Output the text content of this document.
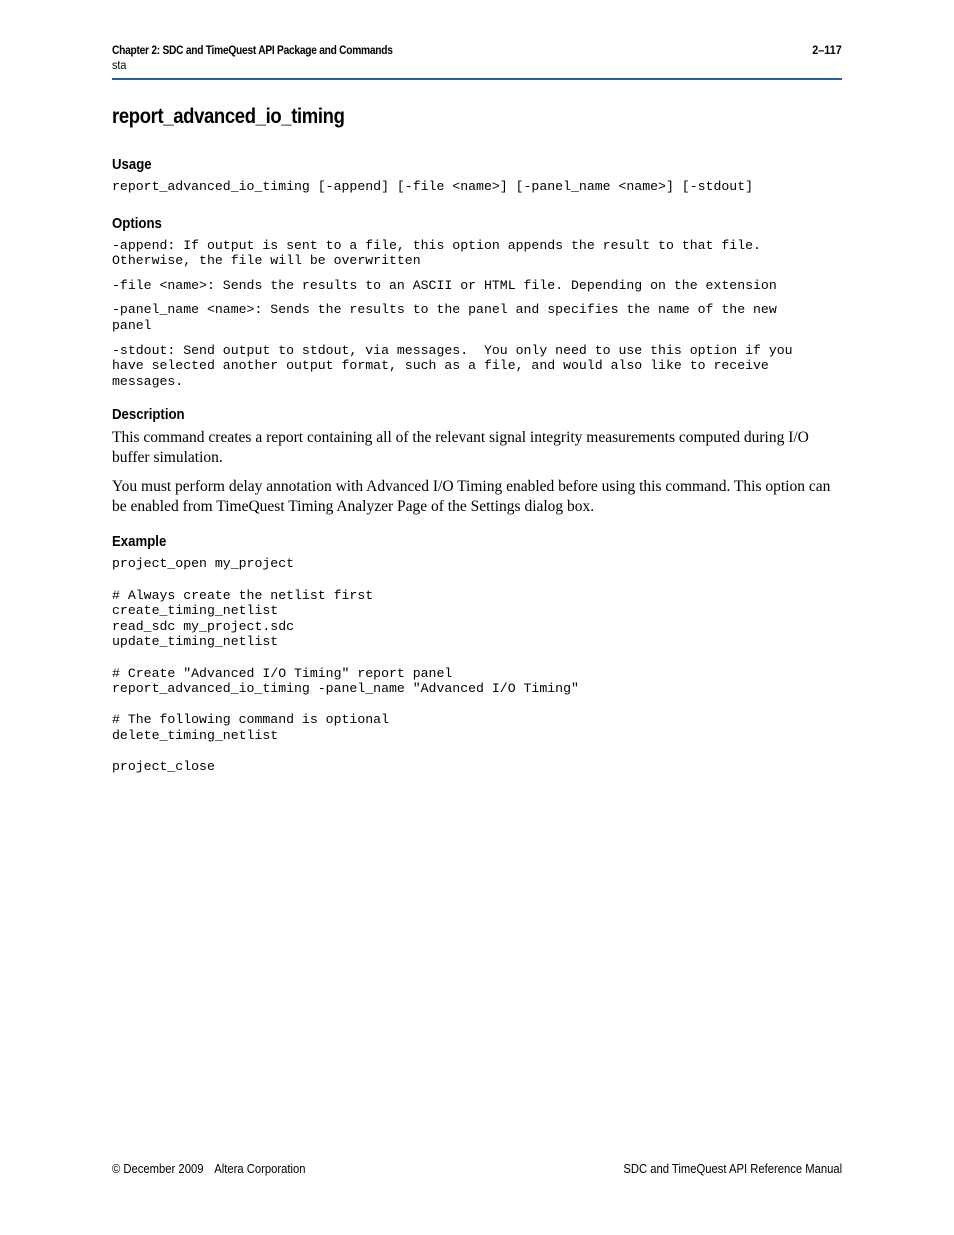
Chapter 2: SDC and TimeQuest API Package and Commands	2–117
sta
report_advanced_io_timing
Usage
report_advanced_io_timing [-append] [-file <name>] [-panel_name <name>] [-stdout]
Options
-append: If output is sent to a file, this option appends the result to that file.
Otherwise, the file will be overwritten
-file <name>: Sends the results to an ASCII or HTML file. Depending on the extension
-panel_name <name>: Sends the results to the panel and specifies the name of the new
panel
-stdout: Send output to stdout, via messages.  You only need to use this option if you
have selected another output format, such as a file, and would also like to receive
messages.
Description

This command creates a report containing all of the relevant signal integrity measurements computed during I/O buffer simulation.

You must perform delay annotation with Advanced I/O Timing enabled before using this command. This option can be enabled from TimeQuest Timing Analyzer Page of the Settings dialog box.

Example
project_open my_project

# Always create the netlist first
create_timing_netlist
read_sdc my_project.sdc
update_timing_netlist

# Create "Advanced I/O Timing" report panel
report_advanced_io_timing -panel_name "Advanced I/O Timing"

# The following command is optional
delete_timing_netlist

project_close
© December 2009 Altera Corporation	SDC and TimeQuest API Reference Manual
